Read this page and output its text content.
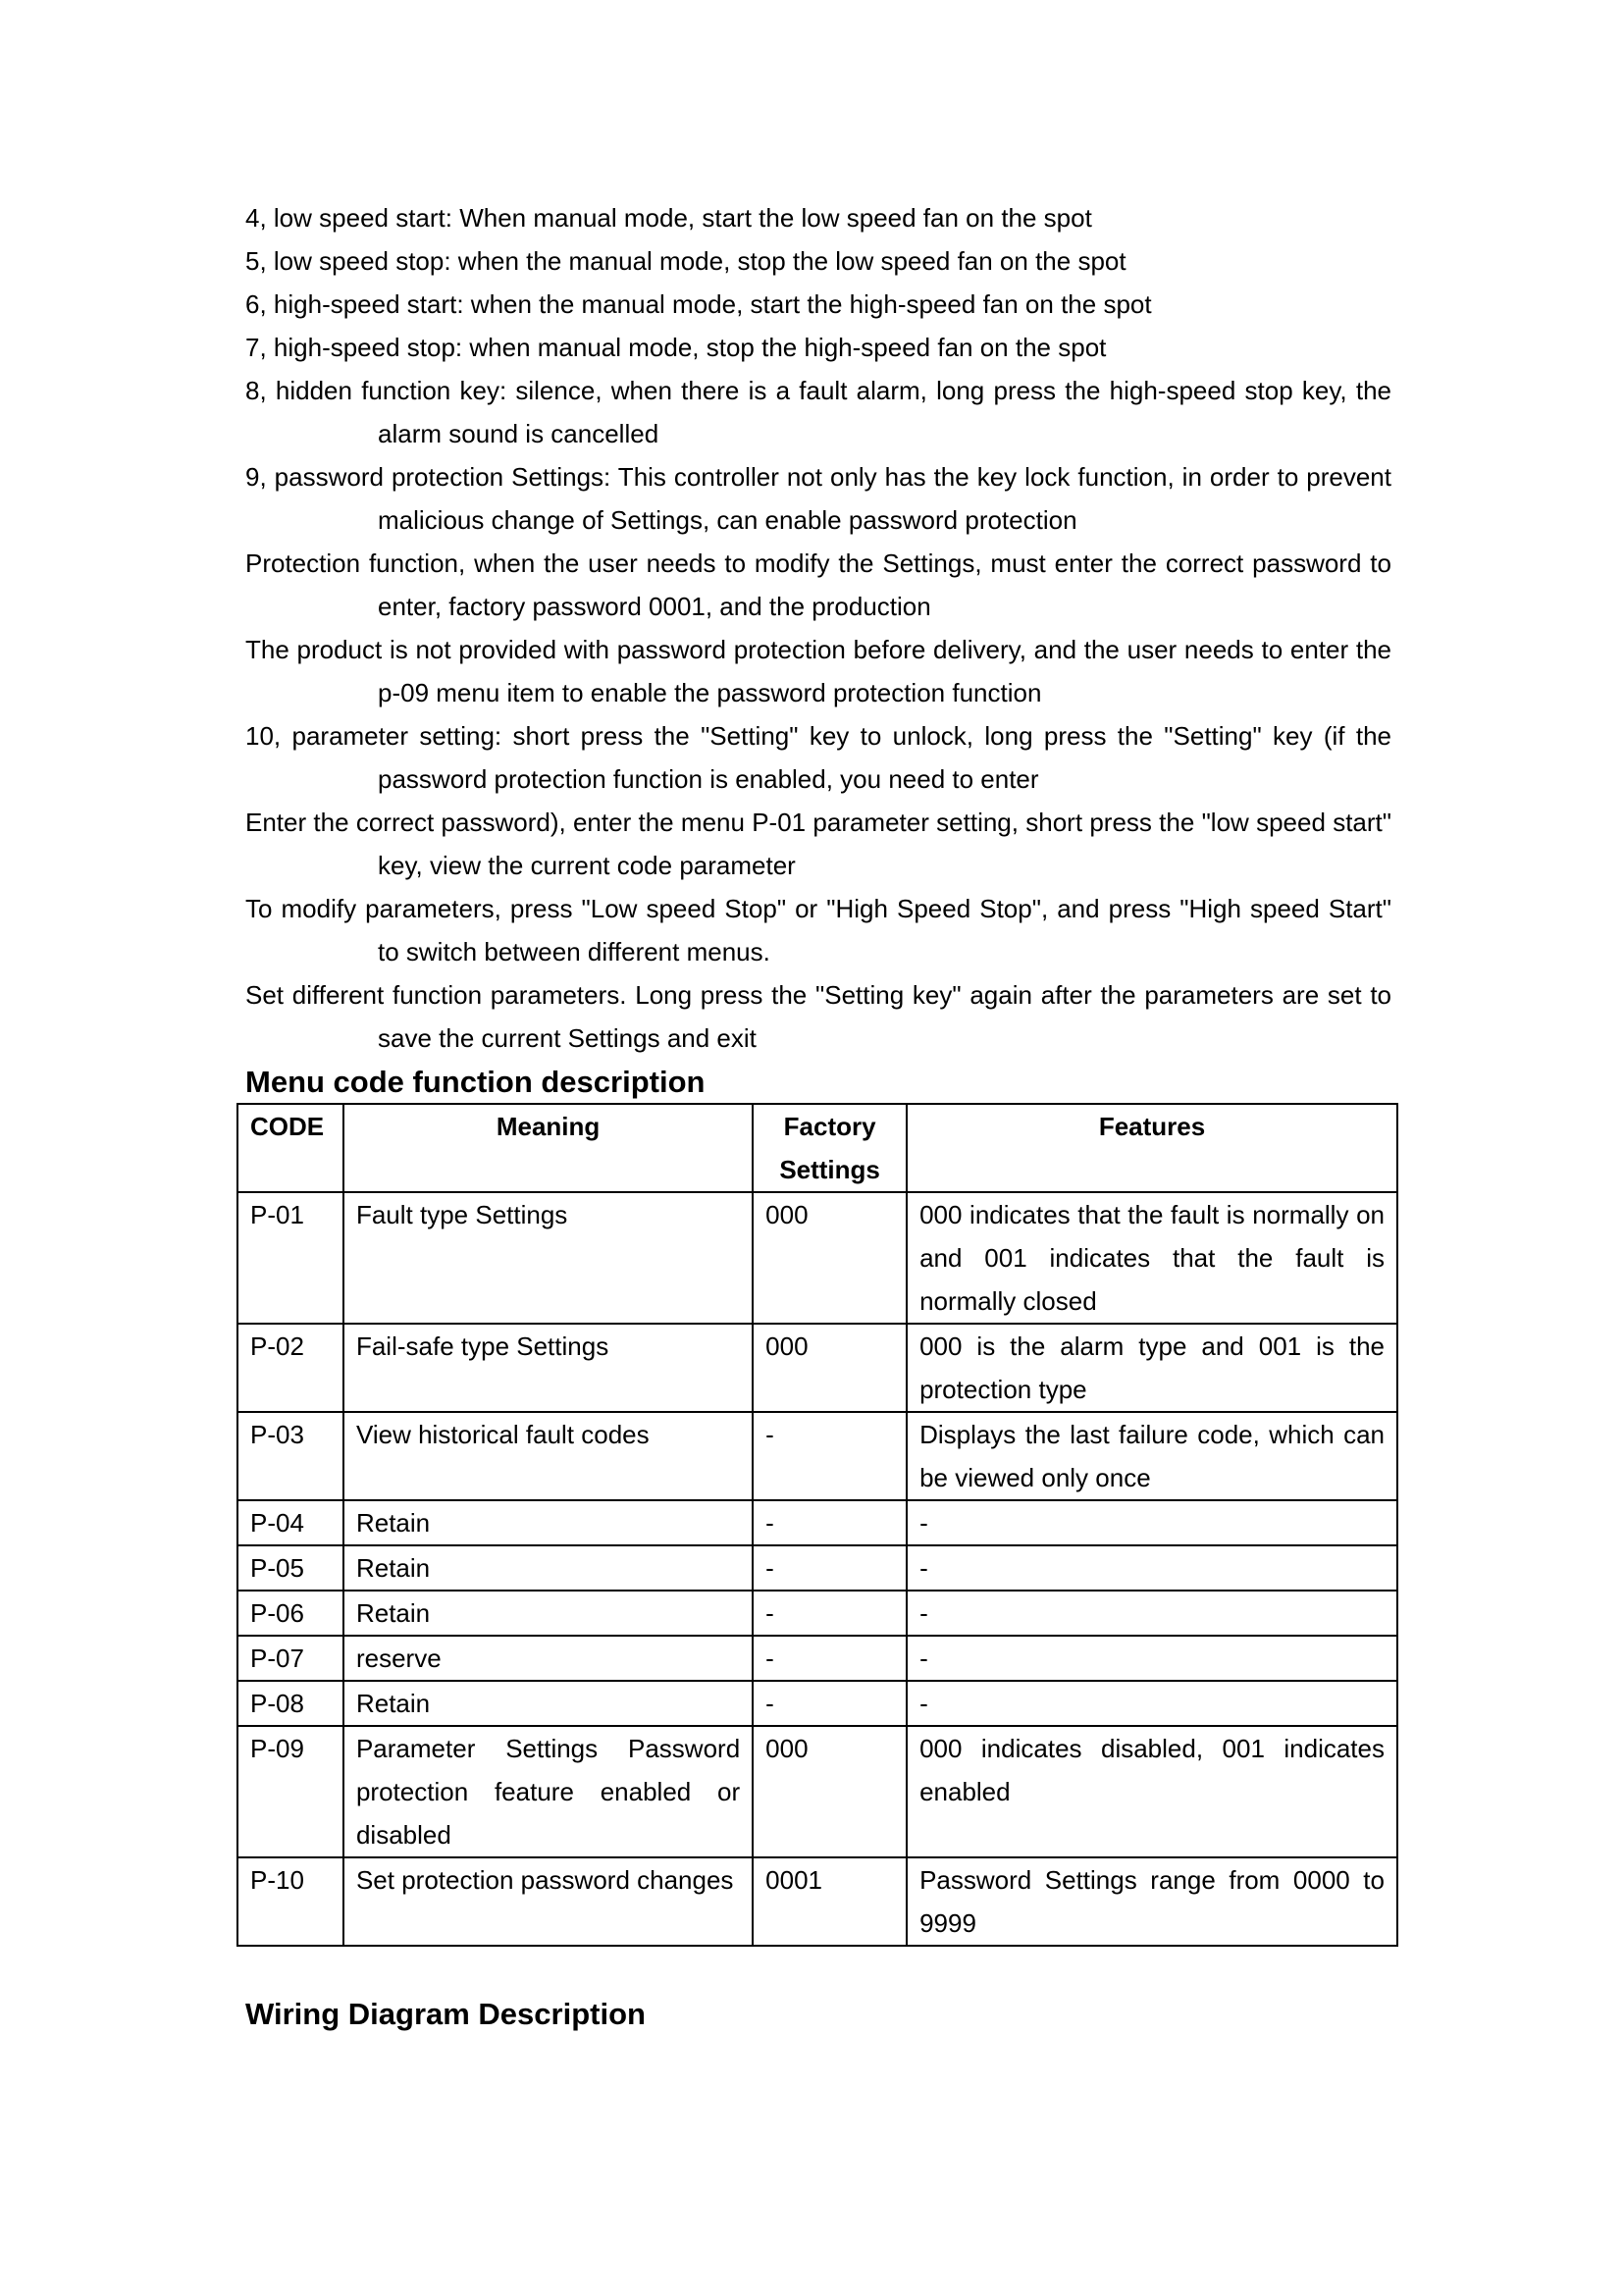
4, low speed start: When manual mode, start the low speed fan on the spot

5, low speed stop: when the manual mode, stop the low speed fan on the spot

6, high-speed start: when the manual mode, start the high-speed fan on the spot

7, high-speed stop: when manual mode, stop the high-speed fan on the spot

8, hidden function key: silence, when there is a fault alarm, long press the high-speed stop key, the alarm sound is cancelled

9, password protection Settings: This controller not only has the key lock function, in order to prevent malicious change of Settings, can enable password protection

Protection function, when the user needs to modify the Settings, must enter the correct password to enter, factory password 0001, and the production

The product is not provided with password protection before delivery, and the user needs to enter the p-09 menu item to enable the password protection function

10, parameter setting: short press the "Setting" key to unlock, long press the "Setting" key (if the password protection function is enabled, you need to enter

Enter the correct password), enter the menu P-01 parameter setting, short press the "low speed start" key, view the current code parameter

To modify parameters, press "Low speed Stop" or "High Speed Stop", and press "High speed Start" to switch between different menus.

Set different function parameters. Long press the "Setting key" again after the parameters are set to save the current Settings and exit

Menu code function description
CODE	Meaning	Factory Settings	Features
P-01	Fault type Settings	000	000 indicates that the fault is normally on and 001 indicates that the fault is normally closed
P-02	Fail-safe type Settings	000	000 is the alarm type and 001 is the protection type
P-03	View historical fault codes	-	Displays the last failure code, which can be viewed only once
P-04	Retain	-	-
P-05	Retain	-	-
P-06	Retain	-	-
P-07	reserve	-	-
P-08	Retain	-	-
P-09	Parameter Settings Password protection feature enabled or disabled	000	000 indicates disabled, 001 indicates enabled
P-10	Set protection password changes	0001	Password Settings range from 0000 to 9999
Wiring Diagram Description
